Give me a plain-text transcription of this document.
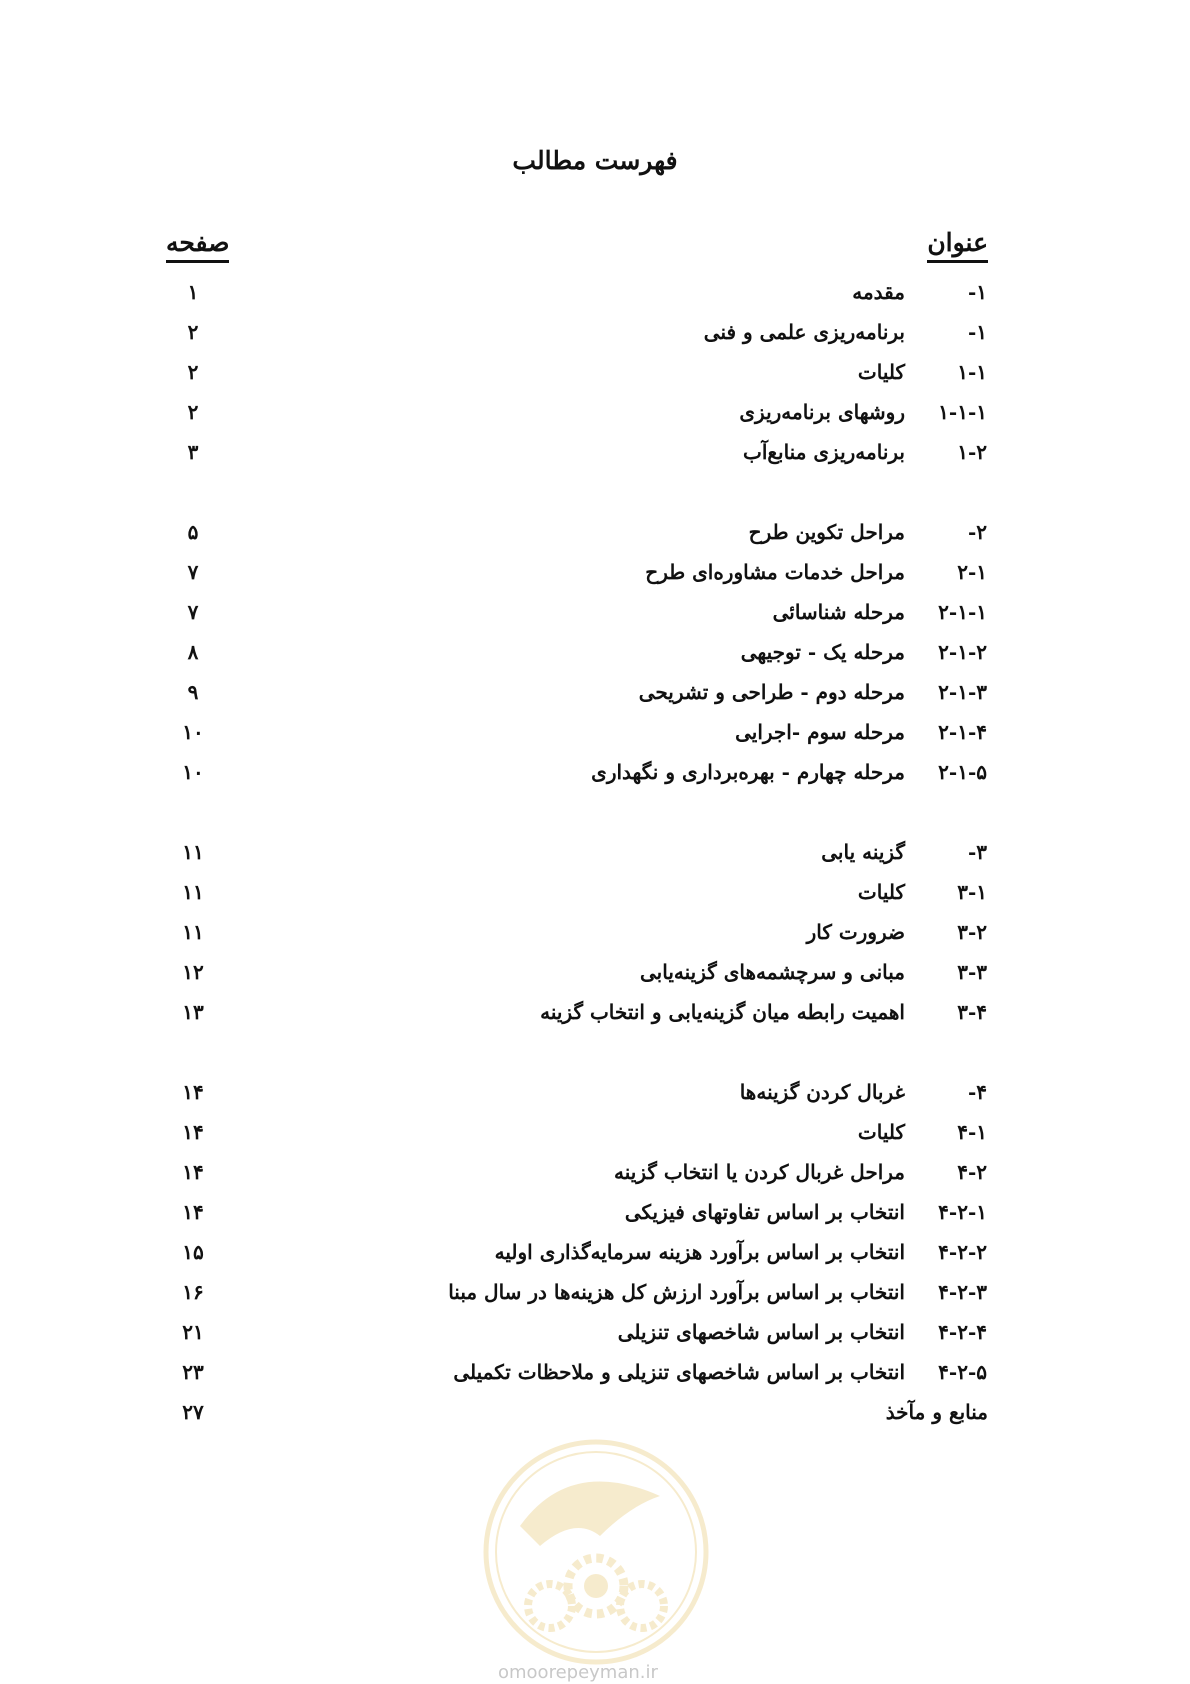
فهرست مطالب
عنوان
صفحه
۱-
مقدمه
۱
۱-
برنامه‌ریزی علمی و فنی
۲
۱-۱
کلیات
۲
۱-۱-۱
روشهای برنامه‌ریزی
۲
۱-۲
برنامه‌ریزی منابع‌آب
۳
۲-
مراحل تکوین طرح
۵
۲-۱
مراحل خدمات مشاوره‌ای طرح
۷
۲-۱-۱
مرحله شناسائی
۷
۲-۱-۲
مرحله یک - توجیهی
۸
۲-۱-۳
مرحله دوم - طراحی و تشریحی
۹
۲-۱-۴
مرحله سوم -اجرایی
۱۰
۲-۱-۵
مرحله چهارم - بهره‌برداری و نگهداری
۱۰
۳-
گزینه یابی
۱۱
۳-۱
کلیات
۱۱
۳-۲
ضرورت کار
۱۱
۳-۳
مبانی و سرچشمه‌های گزینه‌یابی
۱۲
۳-۴
اهمیت رابطه میان گزینه‌یابی و انتخاب گزینه
۱۳
۴-
غربال کردن گزینه‌ها
۱۴
۴-۱
کلیات
۱۴
۴-۲
مراحل غربال کردن یا انتخاب گزینه
۱۴
۴-۲-۱
انتخاب بر اساس تفاوتهای فیزیکی
۱۴
۴-۲-۲
انتخاب بر اساس برآورد هزینه سرمایه‌گذاری اولیه
۱۵
۴-۲-۳
انتخاب بر اساس برآورد ارزش کل هزینه‌ها در سال مبنا
۱۶
۴-۲-۴
انتخاب بر اساس شاخصهای تنزیلی
۲۱
۴-۲-۵
انتخاب بر اساس شاخصهای تنزیلی و ملاحظات تکمیلی
۲۳
منابع و مآخذ
۲۷
omoorepeyman.ir
